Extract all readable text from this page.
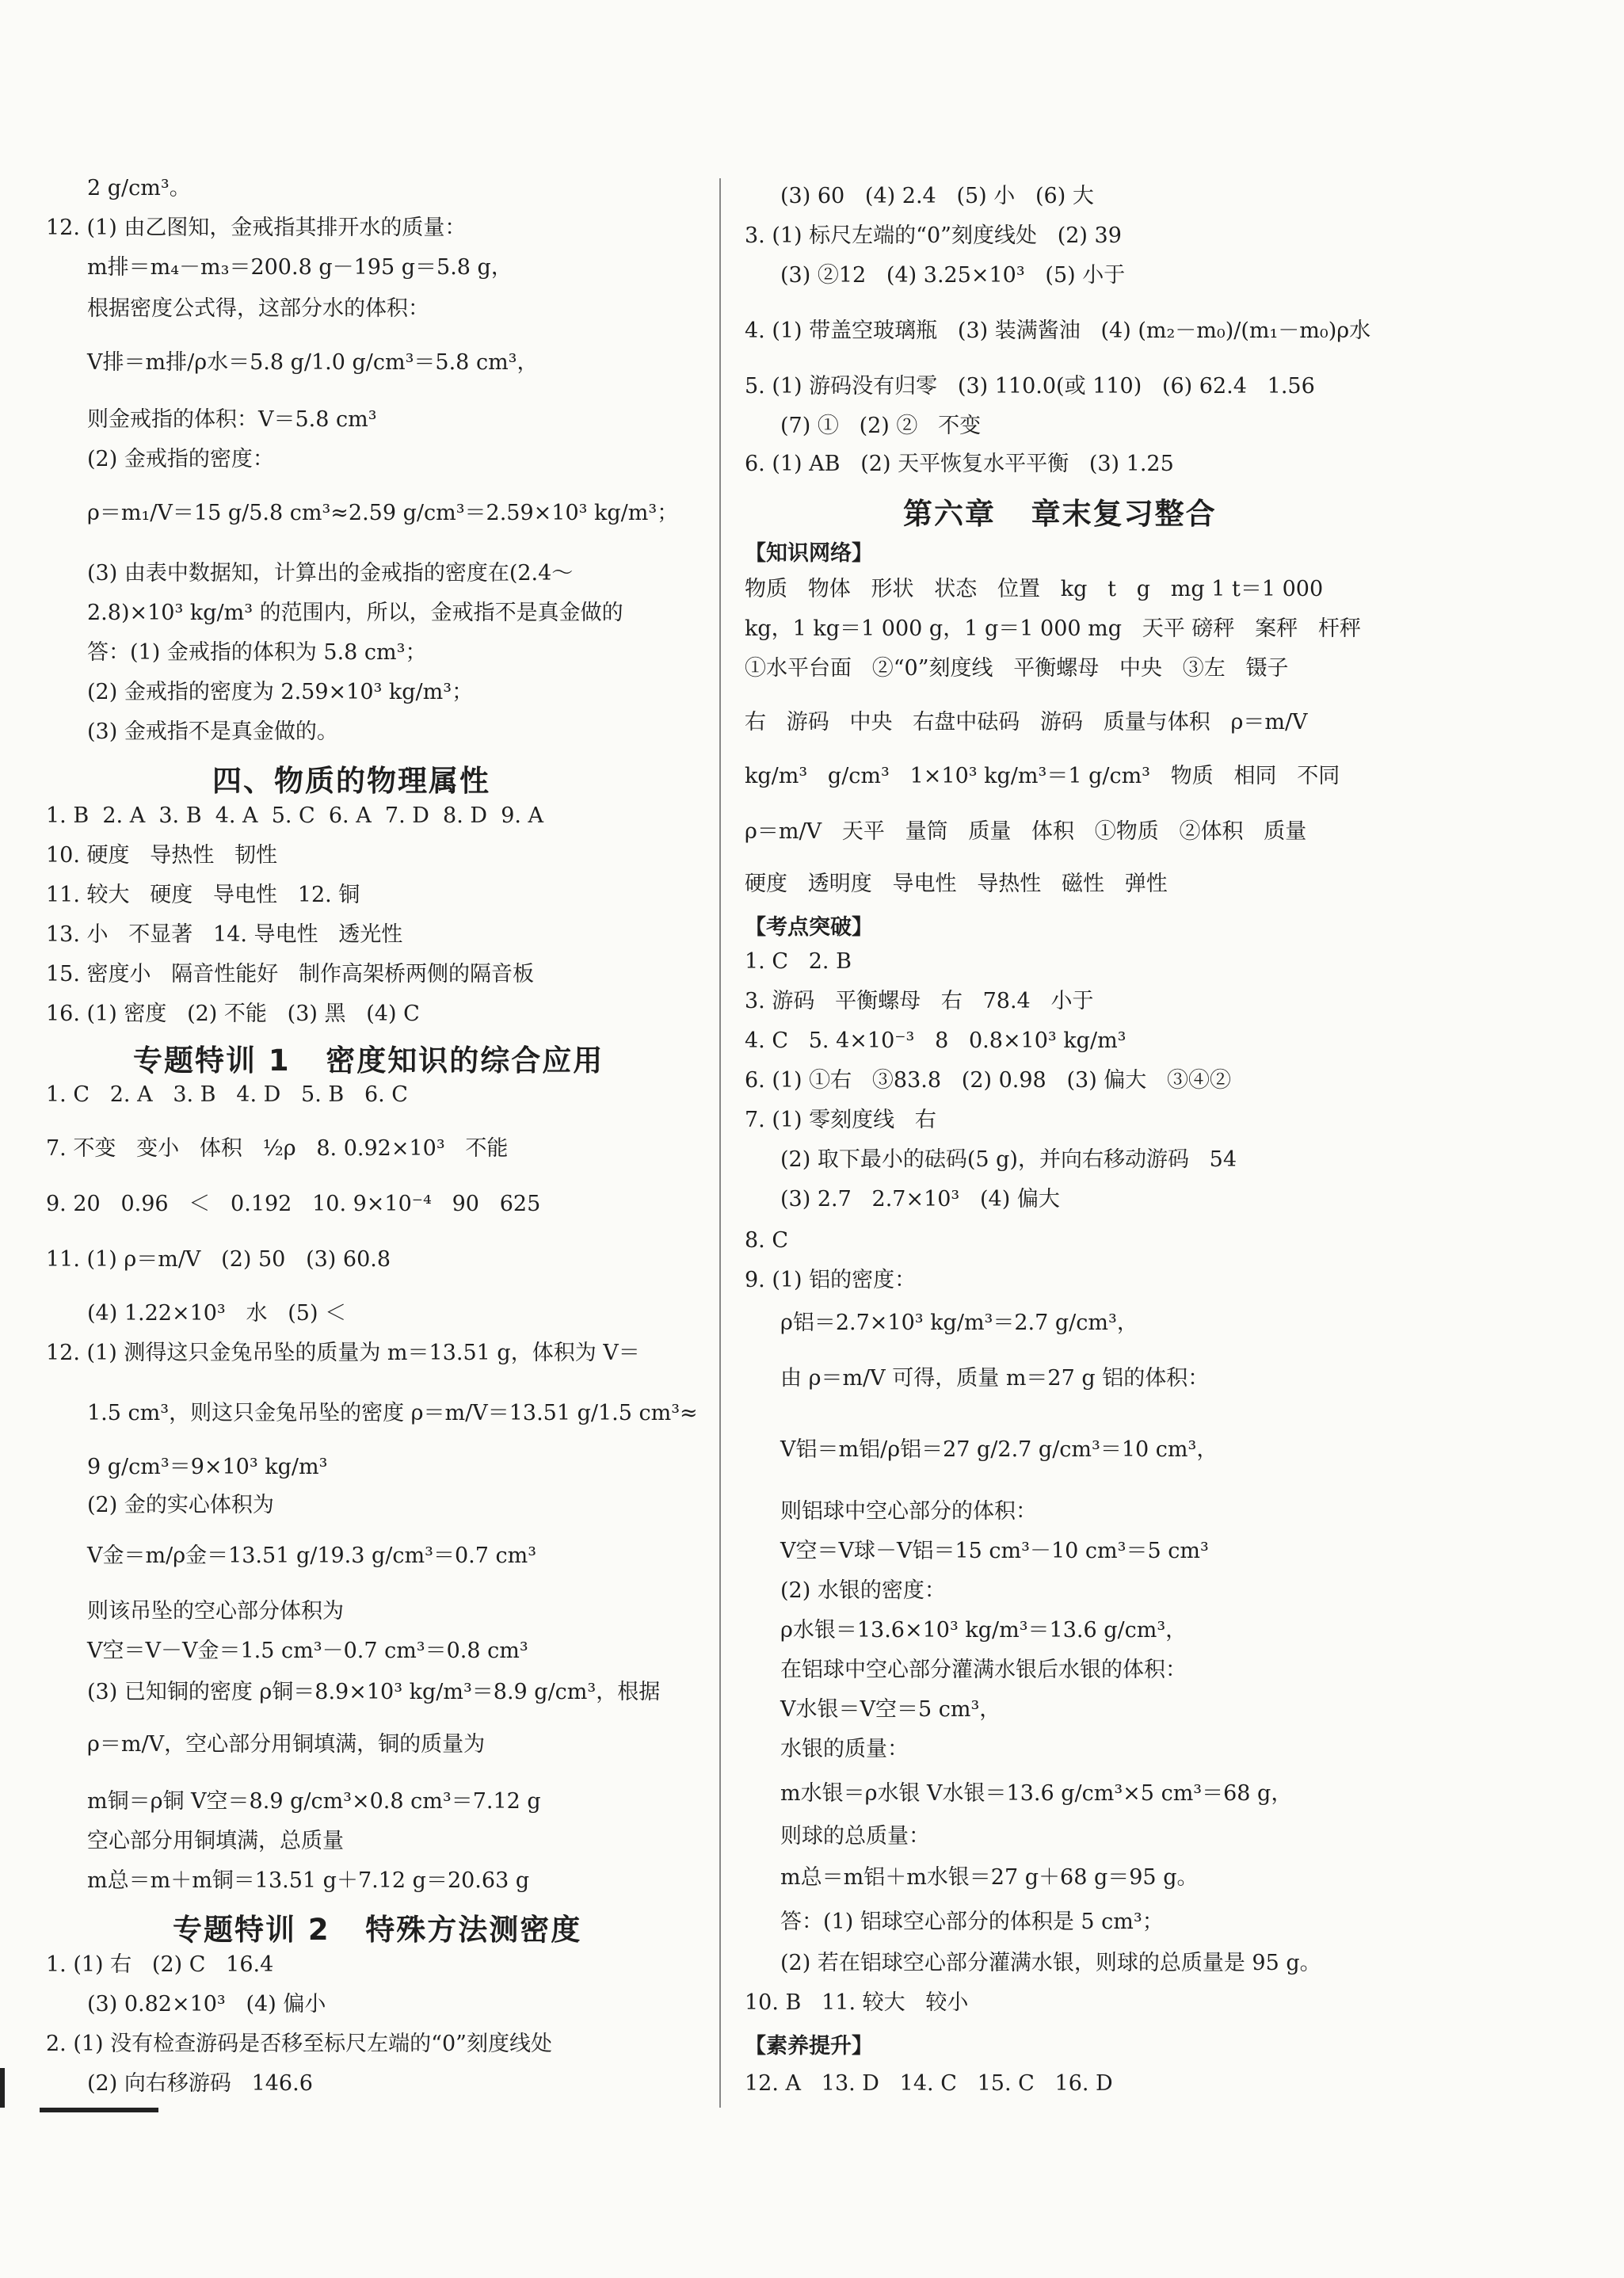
2 g/cm³。
12. (1) 由乙图知，金戒指其排开水的质量：
m排＝m₄－m₃＝200.8 g－195 g＝5.8 g，
根据密度公式得，这部分水的体积：
V排＝m排/ρ水＝5.8 g/1.0 g/cm³＝5.8 cm³，
则金戒指的体积：V＝5.8 cm³
(2) 金戒指的密度：
ρ＝m₁/V＝15 g/5.8 cm³≈2.59 g/cm³＝2.59×10³ kg/m³；
(3) 由表中数据知，计算出的金戒指的密度在(2.4～
2.8)×10³ kg/m³ 的范围内，所以，金戒指不是真金做的
答：(1) 金戒指的体积为 5.8 cm³；
(2) 金戒指的密度为 2.59×10³ kg/m³；
(3) 金戒指不是真金做的。
四、物质的物理属性
1. B  2. A  3. B  4. A  5. C  6. A  7. D  8. D  9. A
10. 硬度   导热性   韧性
11. 较大   硬度   导电性   12. 铜
13. 小   不显著   14. 导电性   透光性
15. 密度小   隔音性能好   制作高架桥两侧的隔音板
16. (1) 密度   (2) 不能   (3) 黑   (4) C
专题特训 1   密度知识的综合应用
1. C   2. A   3. B   4. D   5. B   6. C
7. 不变   变小   体积   ½ρ   8. 0.92×10³   不能
9. 20   0.96   ＜   0.192   10. 9×10⁻⁴   90   625
11. (1) ρ＝m/V   (2) 50   (3) 60.8
(4) 1.22×10³   水   (5) ＜
12. (1) 测得这只金兔吊坠的质量为 m＝13.51 g，体积为 V＝
1.5 cm³，则这只金兔吊坠的密度 ρ＝m/V＝13.51 g/1.5 cm³≈
9 g/cm³＝9×10³ kg/m³
(2) 金的实心体积为
V金＝m/ρ金＝13.51 g/19.3 g/cm³＝0.7 cm³
则该吊坠的空心部分体积为
V空＝V－V金＝1.5 cm³－0.7 cm³＝0.8 cm³
(3) 已知铜的密度 ρ铜＝8.9×10³ kg/m³＝8.9 g/cm³，根据
ρ＝m/V，空心部分用铜填满，铜的质量为
m铜＝ρ铜 V空＝8.9 g/cm³×0.8 cm³＝7.12 g
空心部分用铜填满，总质量
m总＝m＋m铜＝13.51 g＋7.12 g＝20.63 g
专题特训 2   特殊方法测密度
1. (1) 右   (2) C   16.4
(3) 0.82×10³   (4) 偏小
2. (1) 没有检查游码是否移至标尺左端的“0”刻度线处
(2) 向右移游码   146.6
(3) 60   (4) 2.4   (5) 小   (6) 大
3. (1) 标尺左端的“0”刻度线处   (2) 39
(3) ②12   (4) 3.25×10³   (5) 小于
4. (1) 带盖空玻璃瓶   (3) 装满酱油   (4) (m₂－m₀)/(m₁－m₀)ρ水
5. (1) 游码没有归零   (3) 110.0(或 110)   (6) 62.4   1.56
(7) ①   (2) ②   不变
6. (1) AB   (2) 天平恢复水平平衡   (3) 1.25
第六章   章末复习整合
【知识网络】
物质   物体   形状   状态   位置   kg   t   g   mg 1 t＝1 000
kg，1 kg＝1 000 g，1 g＝1 000 mg   天平 磅秤   案秤   杆秤
①水平台面   ②“0”刻度线   平衡螺母   中央   ③左   镊子
右   游码   中央   右盘中砝码   游码   质量与体积   ρ＝m/V
kg/m³   g/cm³   1×10³ kg/m³＝1 g/cm³   物质   相同   不同
ρ＝m/V   天平   量筒   质量   体积   ①物质   ②体积   质量
硬度   透明度   导电性   导热性   磁性   弹性
【考点突破】
1. C   2. B
3. 游码   平衡螺母   右   78.4   小于
4. C   5. 4×10⁻³   8   0.8×10³ kg/m³
6. (1) ①右   ③83.8   (2) 0.98   (3) 偏大   ③④②
7. (1) 零刻度线   右
(2) 取下最小的砝码(5 g)，并向右移动游码   54
(3) 2.7   2.7×10³   (4) 偏大
8. C
9. (1) 铝的密度：
ρ铝＝2.7×10³ kg/m³＝2.7 g/cm³，
由 ρ＝m/V 可得，质量 m＝27 g 铝的体积：
V铝＝m铝/ρ铝＝27 g/2.7 g/cm³＝10 cm³，
则铝球中空心部分的体积：
V空＝V球－V铝＝15 cm³－10 cm³＝5 cm³
(2) 水银的密度：
ρ水银＝13.6×10³ kg/m³＝13.6 g/cm³，
在铝球中空心部分灌满水银后水银的体积：
V水银＝V空＝5 cm³，
水银的质量：
m水银＝ρ水银 V水银＝13.6 g/cm³×5 cm³＝68 g，
则球的总质量：
m总＝m铝＋m水银＝27 g＋68 g＝95 g。
答：(1) 铝球空心部分的体积是 5 cm³；
(2) 若在铝球空心部分灌满水银，则球的总质量是 95 g。
10. B   11. 较大   较小
【素养提升】
12. A   13. D   14. C   15. C   16. D
